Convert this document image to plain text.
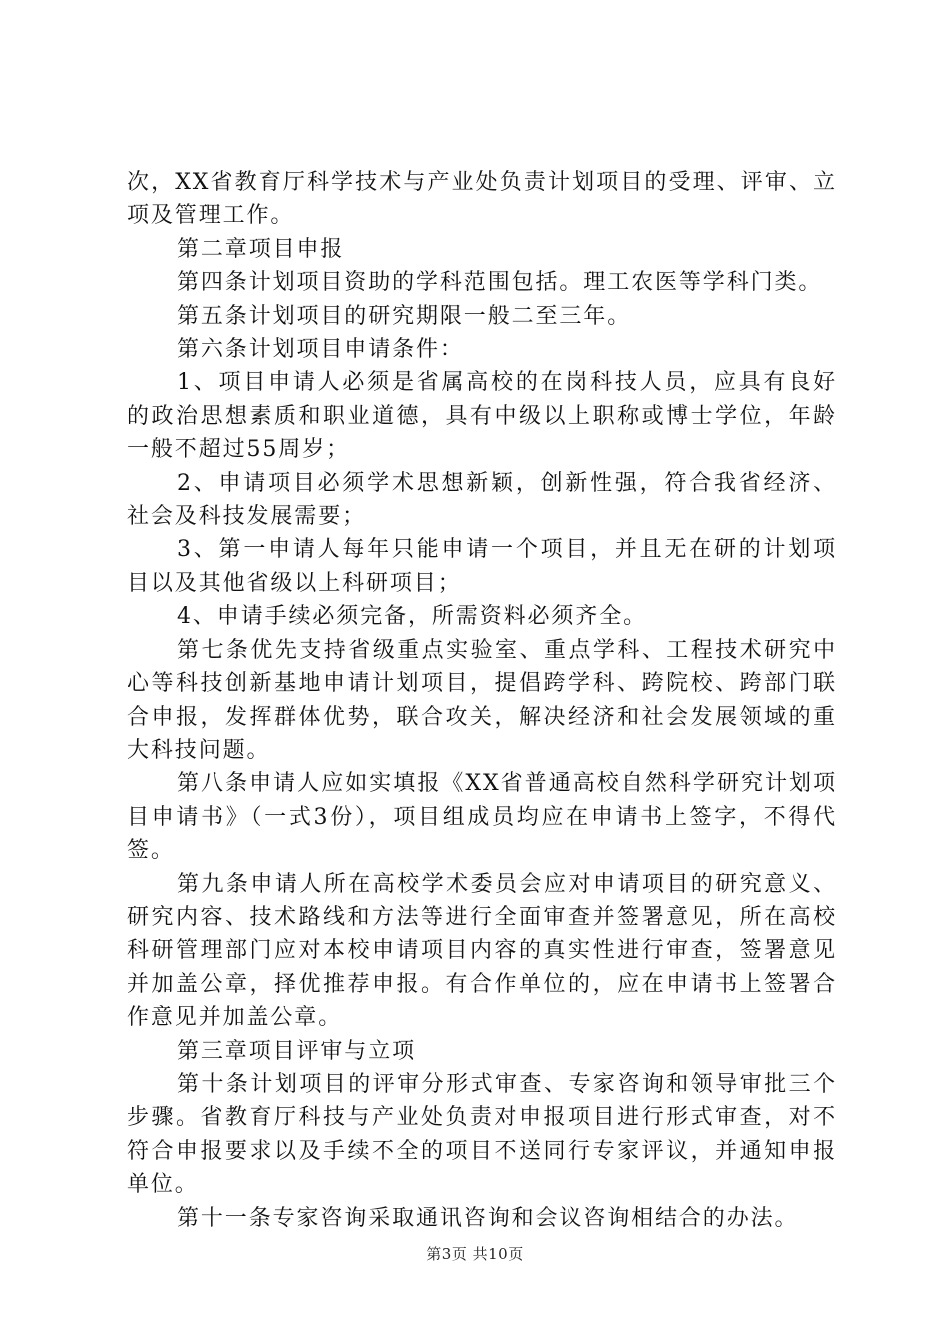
次，XX省教育厅科学技术与产业处负责计划项目的受理、评审、立项及管理工作。

第二章项目申报

第四条计划项目资助的学科范围包括。理工农医等学科门类。

第五条计划项目的研究期限一般二至三年。

第六条计划项目申请条件：

1、项目申请人必须是省属高校的在岗科技人员，应具有良好的政治思想素质和职业道德，具有中级以上职称或博士学位，年龄一般不超过55周岁；

2、申请项目必须学术思想新颖，创新性强，符合我省经济、社会及科技发展需要；

3、第一申请人每年只能申请一个项目，并且无在研的计划项目以及其他省级以上科研项目；

4、申请手续必须完备，所需资料必须齐全。

第七条优先支持省级重点实验室、重点学科、工程技术研究中心等科技创新基地申请计划项目，提倡跨学科、跨院校、跨部门联合申报，发挥群体优势，联合攻关，解决经济和社会发展领域的重大科技问题。

第八条申请人应如实填报《XX省普通高校自然科学研究计划项目申请书》（一式3份），项目组成员均应在申请书上签字，不得代签。

第九条申请人所在高校学术委员会应对申请项目的研究意义、研究内容、技术路线和方法等进行全面审查并签署意见，所在高校科研管理部门应对本校申请项目内容的真实性进行审查，签署意见并加盖公章，择优推荐申报。有合作单位的，应在申请书上签署合作意见并加盖公章。

第三章项目评审与立项

第十条计划项目的评审分形式审查、专家咨询和领导审批三个步骤。省教育厅科技与产业处负责对申报项目进行形式审查，对不符合申报要求以及手续不全的项目不送同行专家评议，并通知申报单位。

第十一条专家咨询采取通讯咨询和会议咨询相结合的办法。

第3页 共10页
